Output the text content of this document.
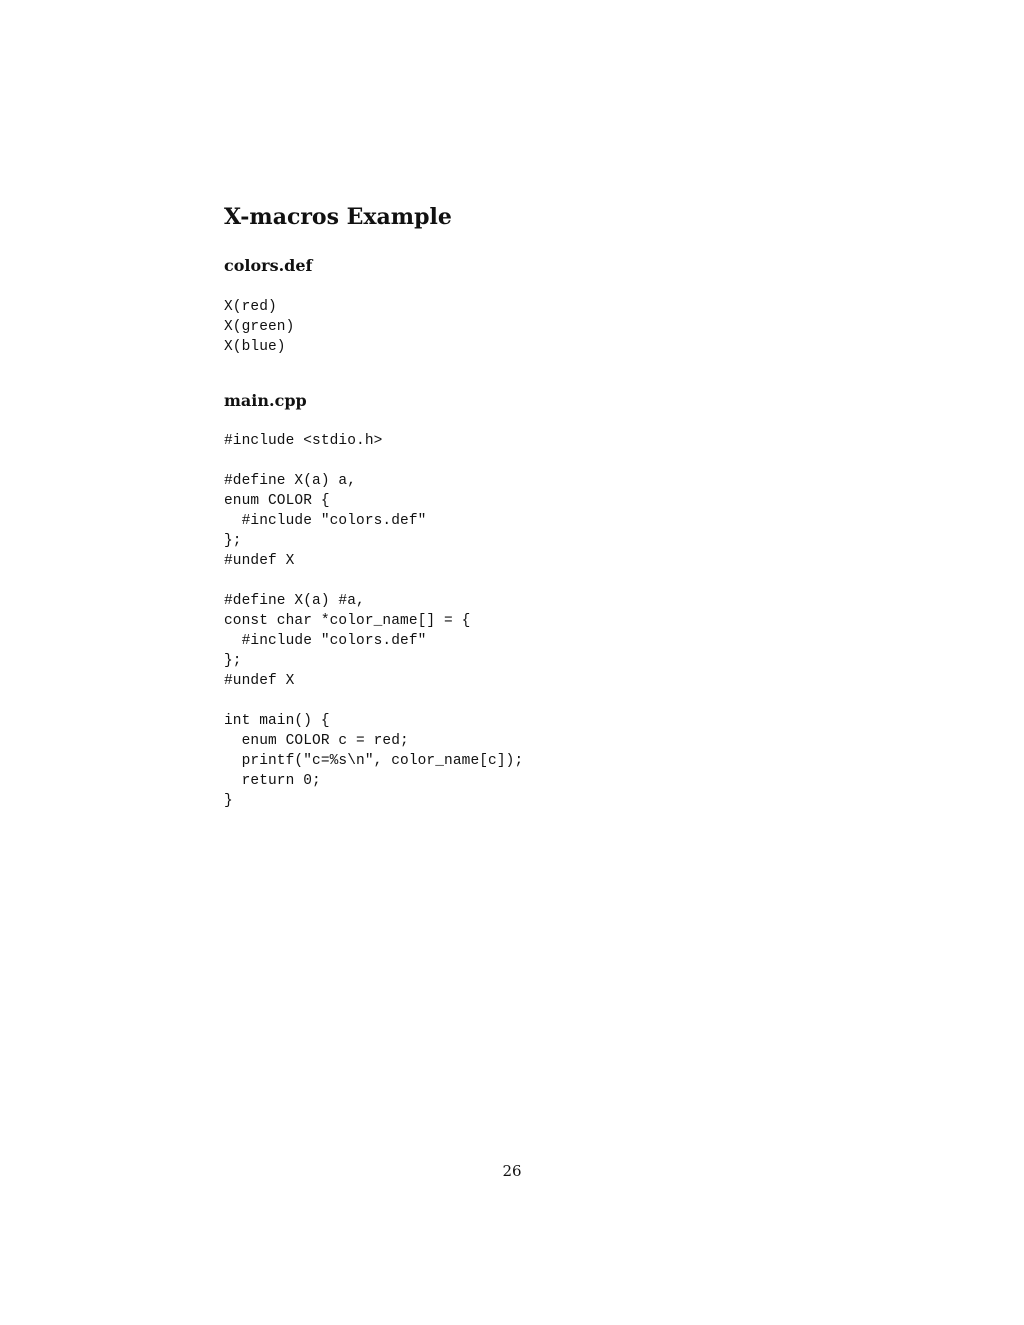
X-macros Example
colors.def
X(red)
X(green)
X(blue)
main.cpp
#include <stdio.h>
#define X(a) a,
enum COLOR {
#include "colors.def"
};
#undef X
#define X(a) #a,
const char *color_name[] = {
#include "colors.def"
};
#undef X
int main() {
enum COLOR c = red;
printf("c=%s\n", color_name[c]);
return 0;
}
26
